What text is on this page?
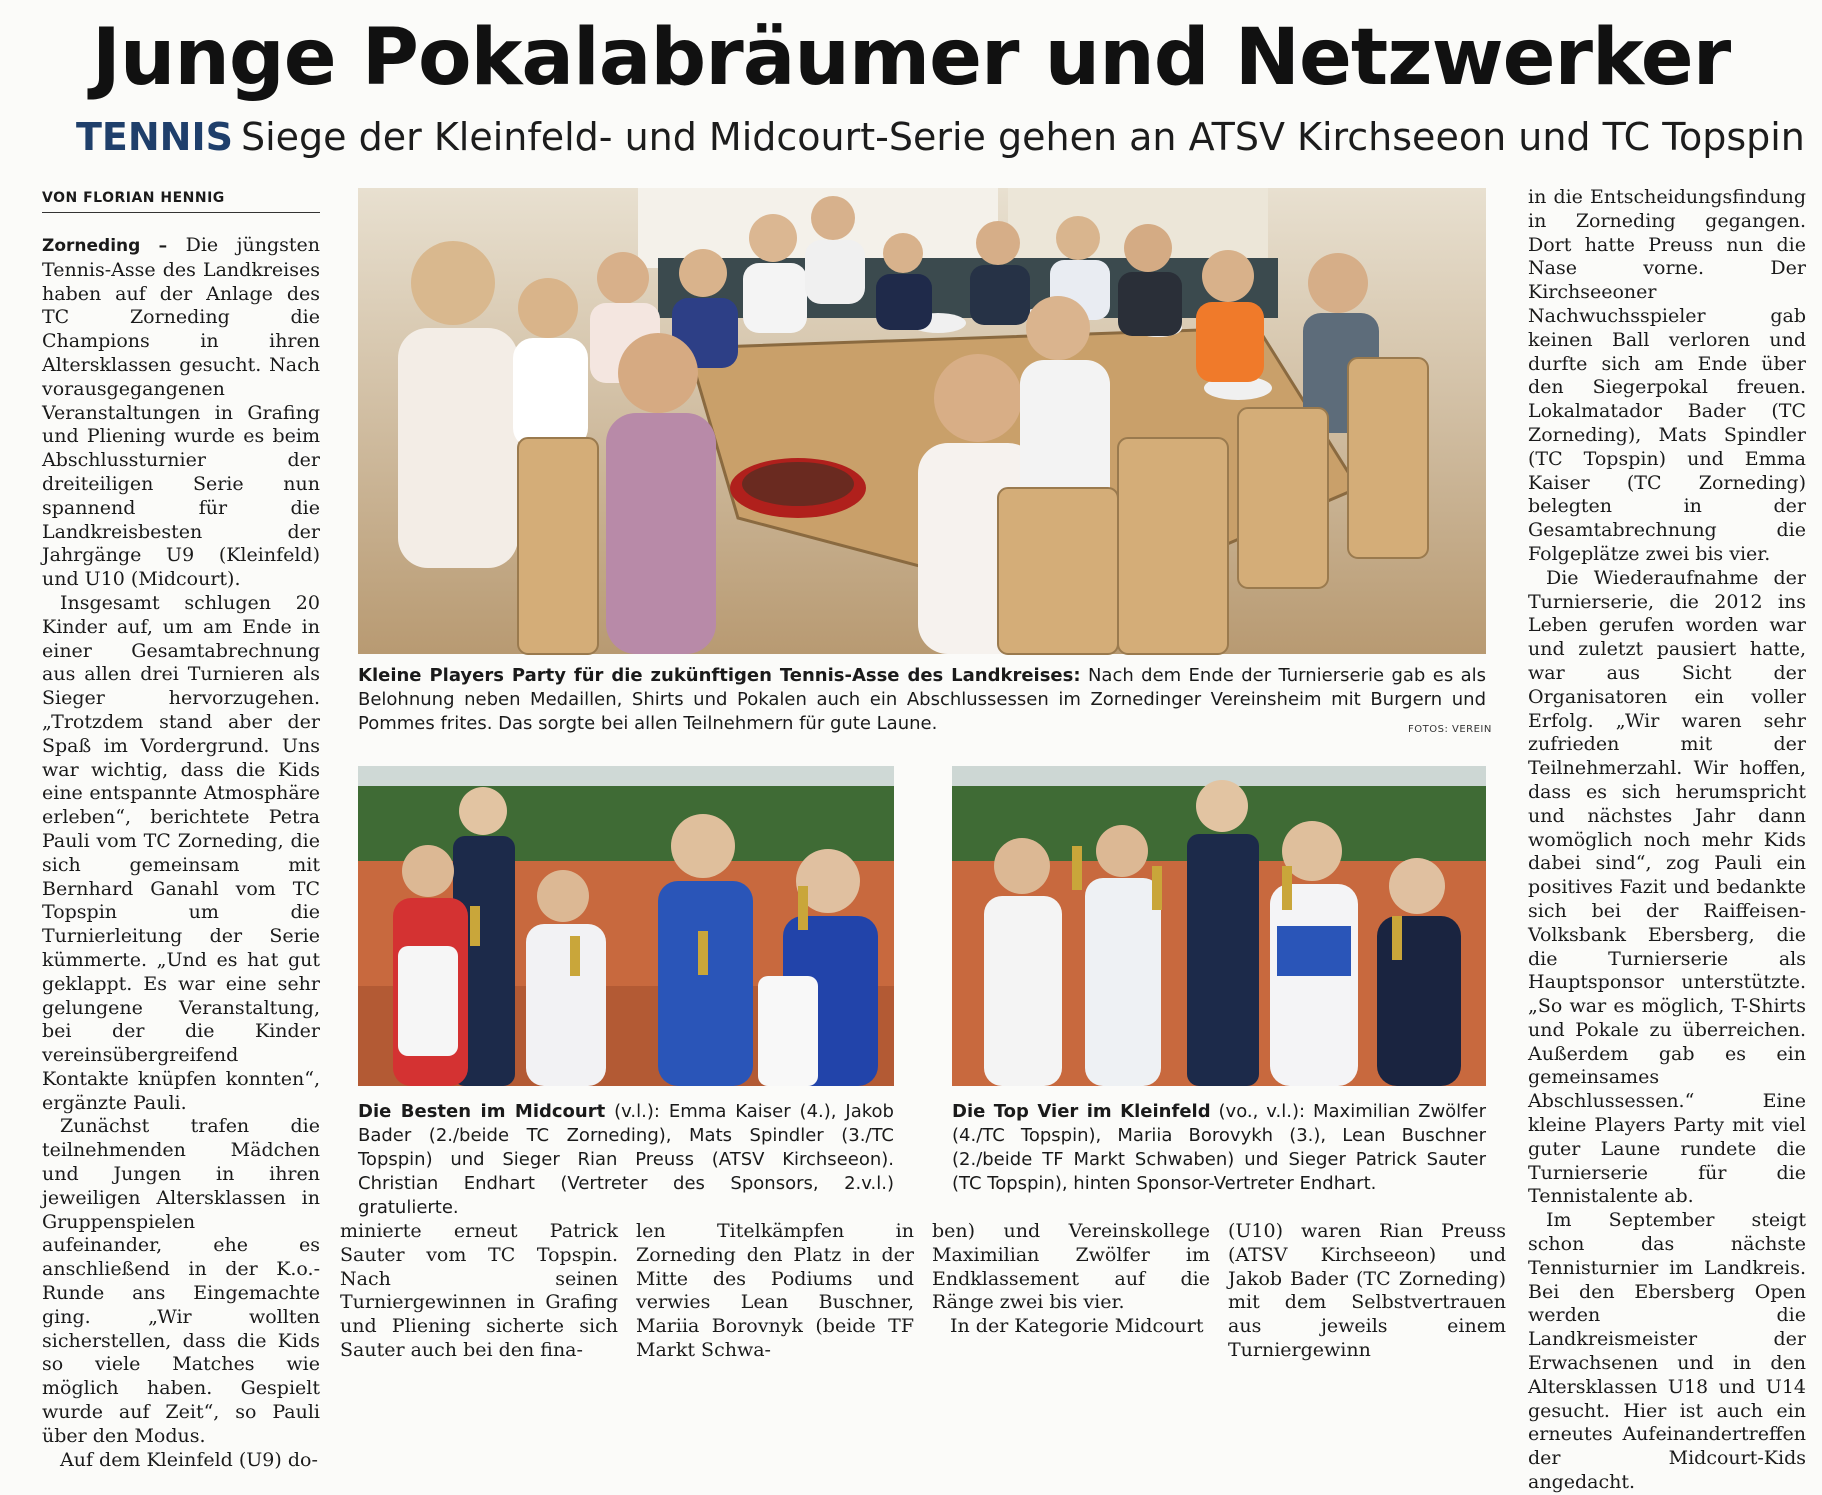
Junge Pokalabräumer und Netzwerker
TENNIS Siege der Kleinfeld- und Midcourt-Serie gehen an ATSV Kirchseeon und TC Topspin
VON FLORIAN HENNIG

Zorneding – Die jüngsten Tennis-Asse des Landkreises haben auf der Anlage des TC Zorneding die Champions in ihren Altersklassen gesucht. Nach vorausgegangenen Veranstaltungen in Grafing und Pliening wurde es beim Abschlussturnier der dreiteiligen Serie nun spannend für die Landkreisbesten der Jahrgänge U9 (Kleinfeld) und U10 (Midcourt).

Insgesamt schlugen 20 Kinder auf, um am Ende in einer Gesamtabrechnung aus allen drei Turnieren als Sieger hervorzugehen. „Trotzdem stand aber der Spaß im Vordergrund. Uns war wichtig, dass die Kids eine entspannte Atmosphäre erleben“, berichtete Petra Pauli vom TC Zorneding, die sich gemeinsam mit Bernhard Ganahl vom TC Topspin um die Turnierleitung der Serie kümmerte. „Und es hat gut geklappt. Es war eine sehr gelungene Veranstaltung, bei der die Kinder vereinsübergreifend Kontakte knüpfen konnten“, ergänzte Pauli.

Zunächst trafen die teilnehmenden Mädchen und Jungen in ihren jeweiligen Altersklassen in Gruppenspielen aufeinander, ehe es anschließend in der K.o.-Runde ans Eingemachte ging. „Wir wollten sicherstellen, dass die Kids so viele Matches wie möglich haben. Gespielt wurde auf Zeit“, so Pauli über den Modus.

Auf dem Kleinfeld (U9) do-

Kleine Players Party für die zukünftigen Tennis-Asse des Landkreises: Nach dem Ende der Turnierserie gab es als Belohnung neben Medaillen, Shirts und Pokalen auch ein Abschlussessen im Zornedinger Vereinsheim mit Burgern und Pommes frites. Das sorgte bei allen Teilnehmern für gute Laune.	FOTOS: VEREIN
Die Besten im Midcourt (v.l.): Emma Kaiser (4.), Jakob Bader (2./beide TC Zorneding), Mats Spindler (3./TC Topspin) und Sieger Rian Preuss (ATSV Kirchseeon). Christian Endhart (Vertreter des Sponsors, 2.v.l.) gratulierte.
Die Top Vier im Kleinfeld (vo., v.l.): Maximilian Zwölfer (4./TC Topspin), Mariia Borovykh (3.), Lean Buschner (2./beide TF Markt Schwaben) und Sieger Patrick Sauter (TC Topspin), hinten Sponsor-Vertreter Endhart.

minierte erneut Patrick Sauter vom TC Topspin. Nach seinen Turniergewinnen in Grafing und Pliening sicherte sich Sauter auch bei den fina-

len Titelkämpfen in Zorneding den Platz in der Mitte des Podiums und verwies Lean Buschner, Mariia Borovnyk (beide TF Markt Schwa-

ben) und Vereinskollege Maximilian Zwölfer im Endklassement auf die Ränge zwei bis vier.

In der Kategorie Midcourt

(U10) waren Rian Preuss (ATSV Kirchseeon) und Jakob Bader (TC Zorneding) mit dem Selbstvertrauen aus jeweils einem Turniergewinn

in die Entscheidungsfindung in Zorneding gegangen. Dort hatte Preuss nun die Nase vorne. Der Kirchseeoner Nachwuchsspieler gab keinen Ball verloren und durfte sich am Ende über den Siegerpokal freuen. Lokalmatador Bader (TC Zorneding), Mats Spindler (TC Topspin) und Emma Kaiser (TC Zorneding) belegten in der Gesamtabrechnung die Folgeplätze zwei bis vier.

Die Wiederaufnahme der Turnierserie, die 2012 ins Leben gerufen worden war und zuletzt pausiert hatte, war aus Sicht der Organisatoren ein voller Erfolg. „Wir waren sehr zufrieden mit der Teilnehmerzahl. Wir hoffen, dass es sich herumspricht und nächstes Jahr dann womöglich noch mehr Kids dabei sind“, zog Pauli ein positives Fazit und bedankte sich bei der Raiffeisen-Volksbank Ebersberg, die die Turnierserie als Hauptsponsor unterstützte. „So war es möglich, T-Shirts und Pokale zu überreichen. Außerdem gab es ein gemeinsames Abschlussessen.“ Eine kleine Players Party mit viel guter Laune rundete die Turnierserie für die Tennistalente ab.

Im September steigt schon das nächste Tennisturnier im Landkreis. Bei den Ebersberg Open werden die Landkreismeister der Erwachsenen und in den Altersklassen U18 und U14 gesucht. Hier ist auch ein erneutes Aufeinandertreffen der Midcourt-Kids angedacht.
